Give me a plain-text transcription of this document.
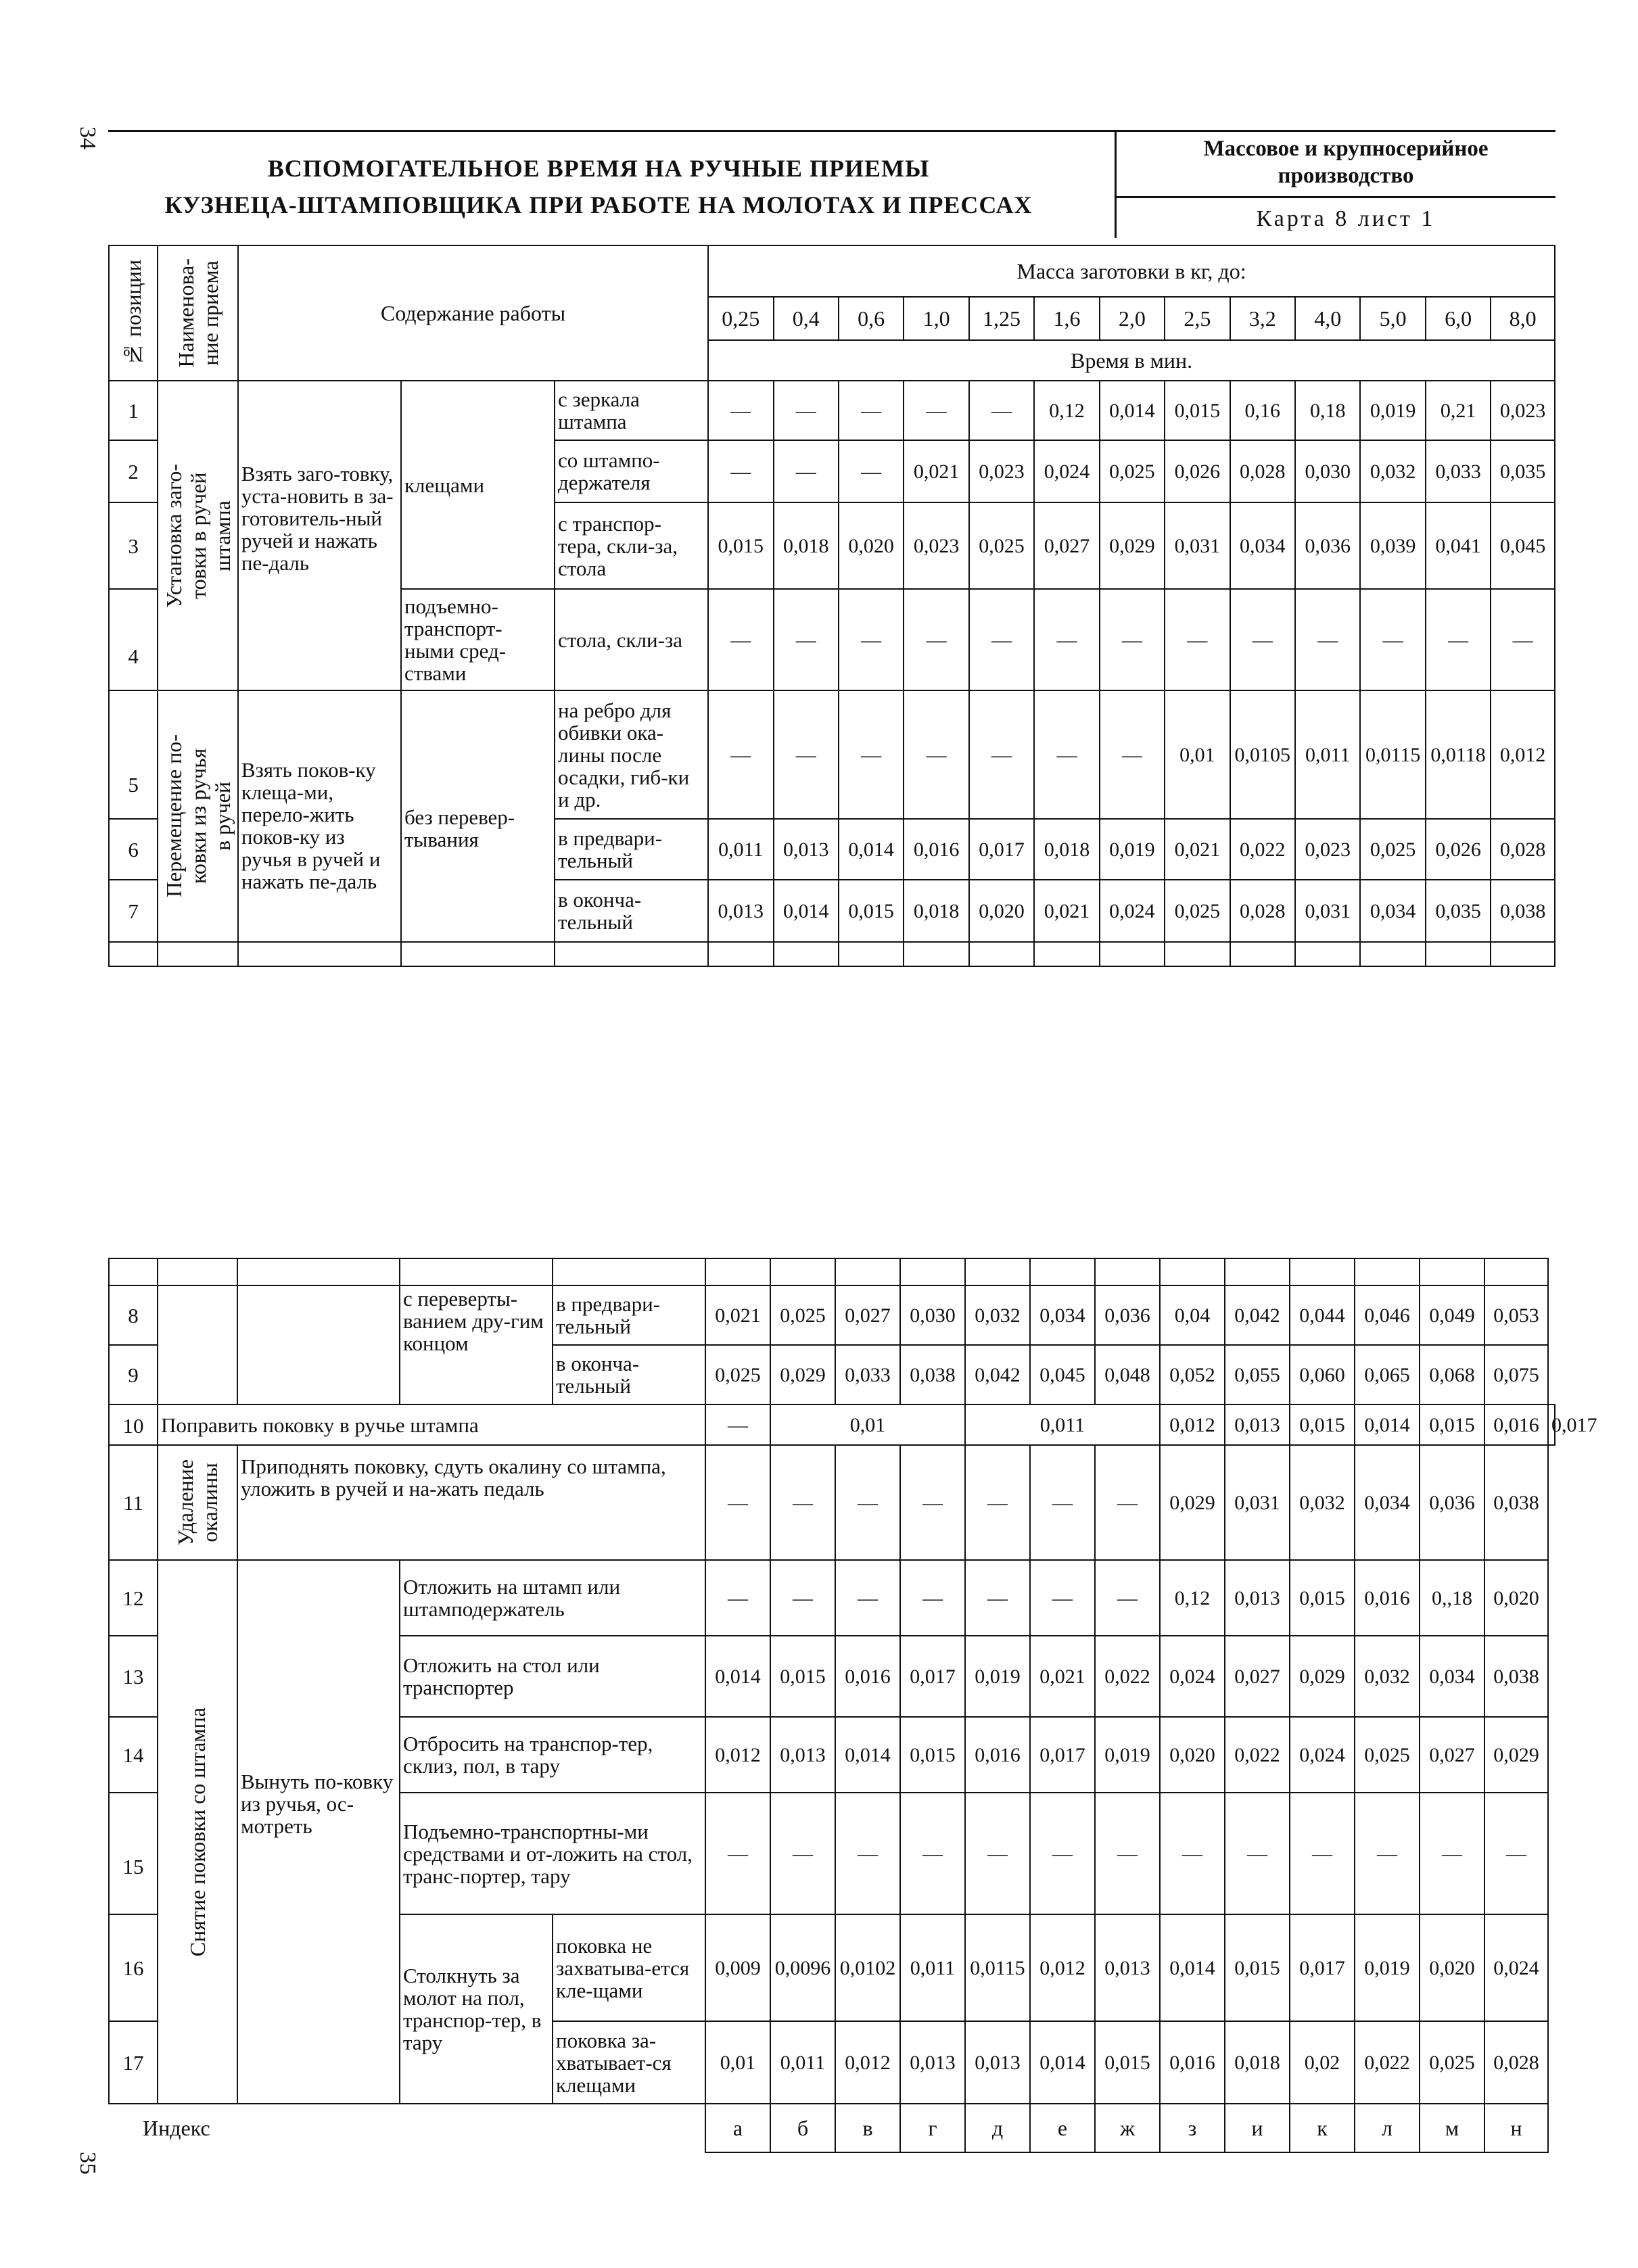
34
35
ВСПОМОГАТЕЛЬНОЕ ВРЕМЯ НА РУЧНЫЕ ПРИЕМЫ
КУЗНЕЦА-ШТАМПОВЩИКА ПРИ РАБОТЕ НА МОЛОТАХ И ПРЕССАХ
Массовое и крупносерийное
производство
Карта 8 лист 1
№ позиции	Наименова-
ние приема	Содержание работы			Масса заготовки в кг, до:												
					0,25	0,4	0,6	1,0	1,25	1,6	2,0	2,5	3,2	4,0	5,0	6,0	8,0
					Время в мин.												
1	Установка заго-
товки в ручей
штампа	Взять заго-товку, уста-новить в за-готовитель-ный ручей и нажать пе-даль	клещами	с зеркала штампа	—	—	—	—	—	0,12	0,014	0,015	0,16	0,18	0,019	0,21	0,023
2				со штампо-держателя	—	—	—	0,021	0,023	0,024	0,025	0,026	0,028	0,030	0,032	0,033	0,035
3				с транспор-тера, скли-за, стола	0,015	0,018	0,020	0,023	0,025	0,027	0,029	0,031	0,034	0,036	0,039	0,041	0,045
4			подъемно-транспорт-ными сред-ствами	стола, скли-за	—	—	—	—	—	—	—	—	—	—	—	—	—
5	Перемещение по-
ковки из ручья
в ручей	Взять поков-ку клеща-ми, перело-жить поков-ку из ручья в ручей и нажать пе-даль	без перевер-тывания	на ребро для обивки ока-лины после осадки, гиб-ки и др.	—	—	—	—	—	—	—	0,01	0,0105	0,011	0,0115	0,0118	0,012
6				в предвари-тельный	0,011	0,013	0,014	0,016	0,017	0,018	0,019	0,021	0,022	0,023	0,025	0,026	0,028
7				в оконча-тельный	0,013	0,014	0,015	0,018	0,020	0,021	0,024	0,025	0,028	0,031	0,034	0,035	0,038

8			с переверты-ванием дру-гим концом	в предвари-тельный	0,021	0,025	0,027	0,030	0,032	0,034	0,036	0,04	0,042	0,044	0,046	0,049	0,053	
9				в оконча-тельный	0,025	0,029	0,033	0,038	0,042	0,045	0,048	0,052	0,055	0,060	0,065	0,068	0,075	
10	Поправить поковку в ручье штампа				—	0,01			0,011			0,012	0,013	0,015	0,014	0,015	0,016	0,017
11	Удаление
окалины	Приподнять поковку, сдуть окалину со штампа, уложить в ручей и на-жать педаль			—	—	—	—	—	—	—	0,029	0,031	0,032	0,034	0,036	0,038	
12	Снятие поковки со штампа	Вынуть по-ковку из ручья, ос-мотреть	Отложить на штамп или штамподержатель		—	—	—	—	—	—	—	0,12	0,013	0,015	0,016	0,,18	0,020	
13			Отложить на стол или транспортер		0,014	0,015	0,016	0,017	0,019	0,021	0,022	0,024	0,027	0,029	0,032	0,034	0,038	
14			Отбросить на транспор-тер, склиз, пол, в тару		0,012	0,013	0,014	0,015	0,016	0,017	0,019	0,020	0,022	0,024	0,025	0,027	0,029	
15			Подъемно-транспортны-ми средствами и от-ложить на стол, транс-портер, тару		—	—	—	—	—	—	—	—	—	—	—	—	—	
16			Столкнуть за молот на пол, транспор-тер, в тару	поковка не захватыва-ется кле-щами	0,009	0,0096	0,0102	0,011	0,0115	0,012	0,013	0,014	0,015	0,017	0,019	0,020	0,024	
17				поковка за-хватывает-ся клещами	0,01	0,011	0,012	0,013	0,013	0,014	0,015	0,016	0,018	0,02	0,022	0,025	0,028	
Индекс					а	б	в	г	д	е	ж	з	и	к	л	м	н	
